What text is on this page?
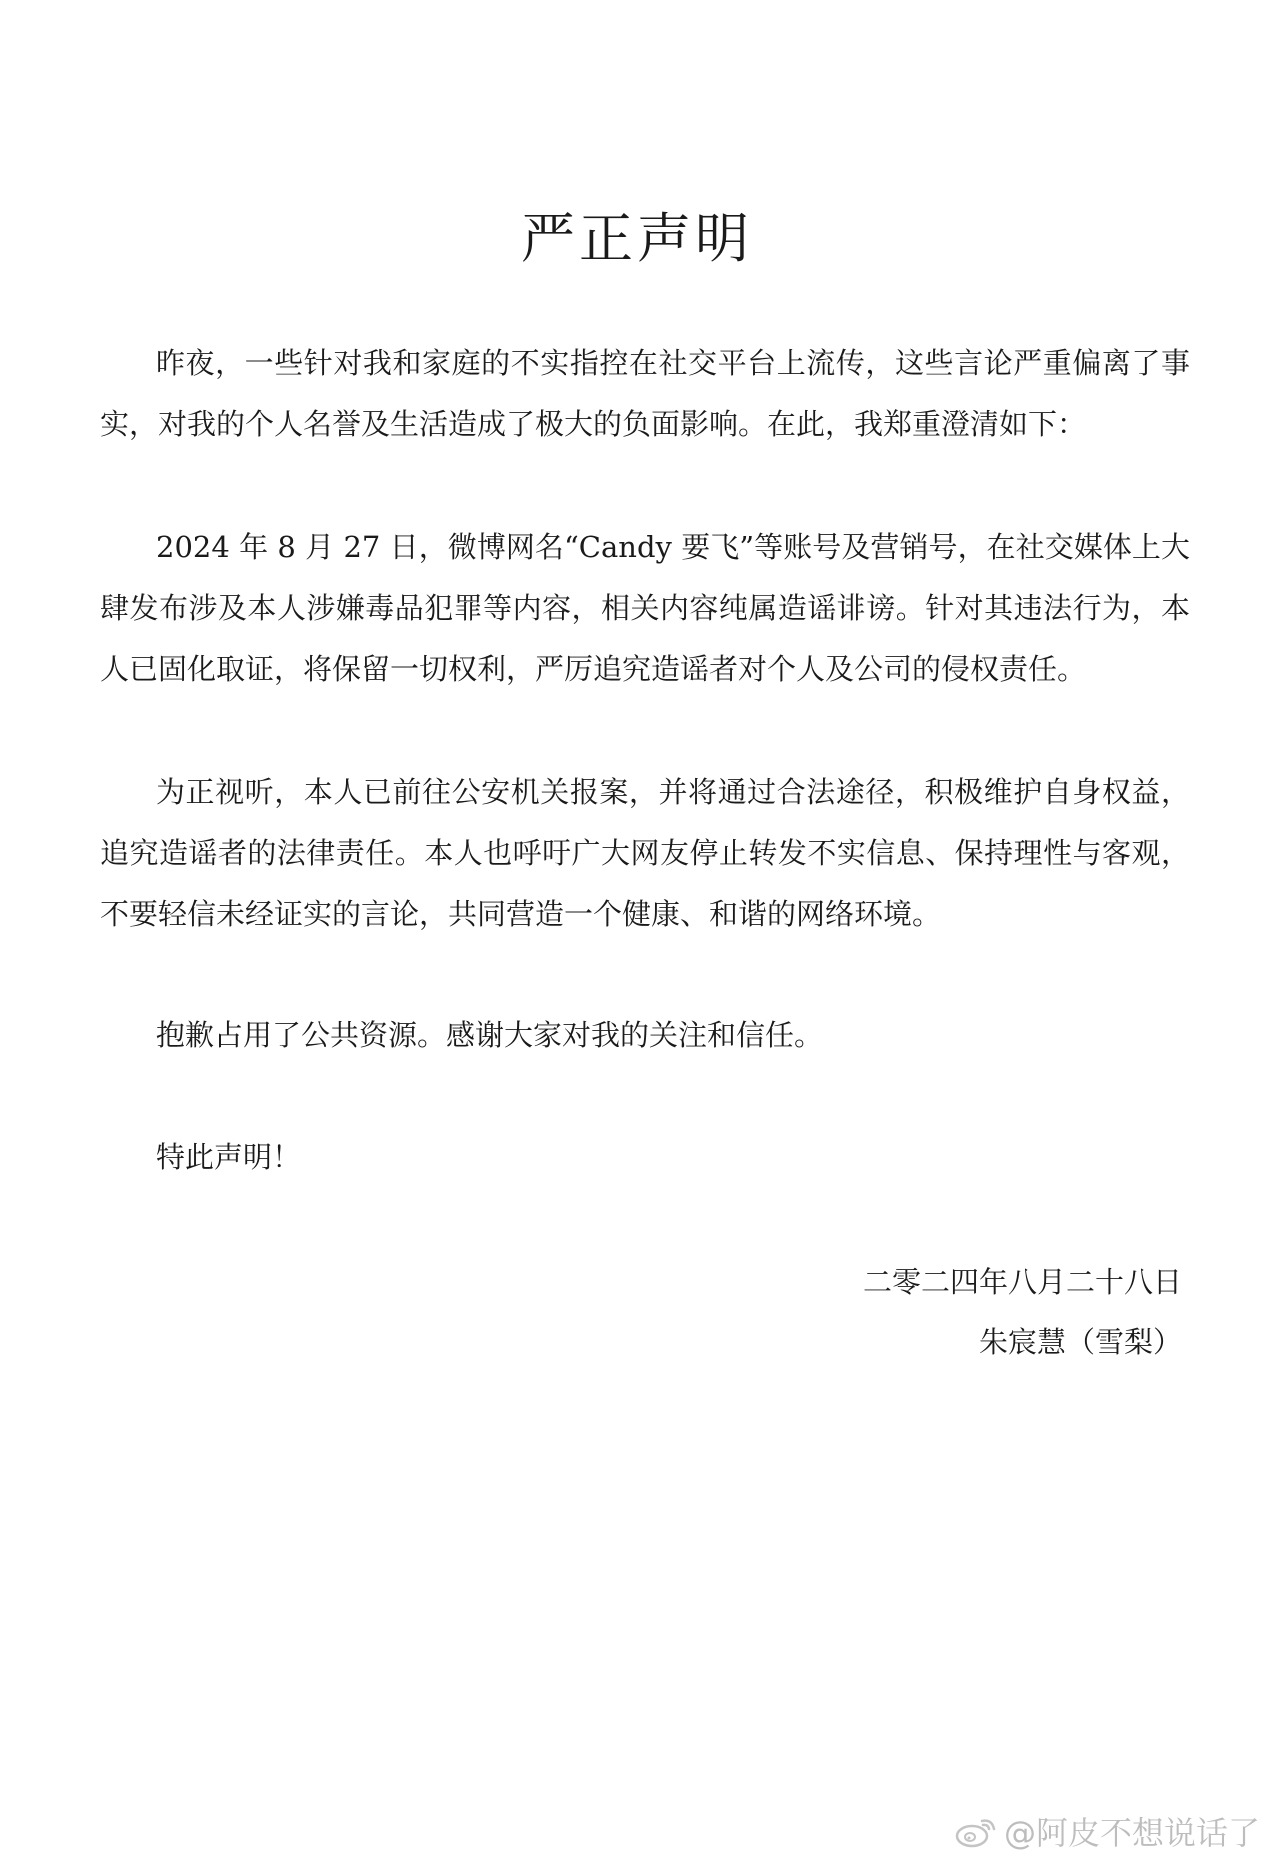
严正声明

昨夜，一些针对我和家庭的不实指控在社交平台上流传，这些言论严重偏离了事实，对我的个人名誉及生活造成了极大的负面影响。在此，我郑重澄清如下：

2024 年 8 月 27 日，微博网名“Candy 要飞”等账号及营销号，在社交媒体上大肆发布涉及本人涉嫌毒品犯罪等内容，相关内容纯属造谣诽谤。针对其违法行为，本人已固化取证，将保留一切权利，严厉追究造谣者对个人及公司的侵权责任。

为正视听，本人已前往公安机关报案，并将通过合法途径，积极维护自身权益，追究造谣者的法律责任。本人也呼吁广大网友停止转发不实信息、保持理性与客观，不要轻信未经证实的言论，共同营造一个健康、和谐的网络环境。

抱歉占用了公共资源。感谢大家对我的关注和信任。

特此声明！

二零二四年八月二十八日

朱宸慧（雪梨）

@阿皮不想说话了
